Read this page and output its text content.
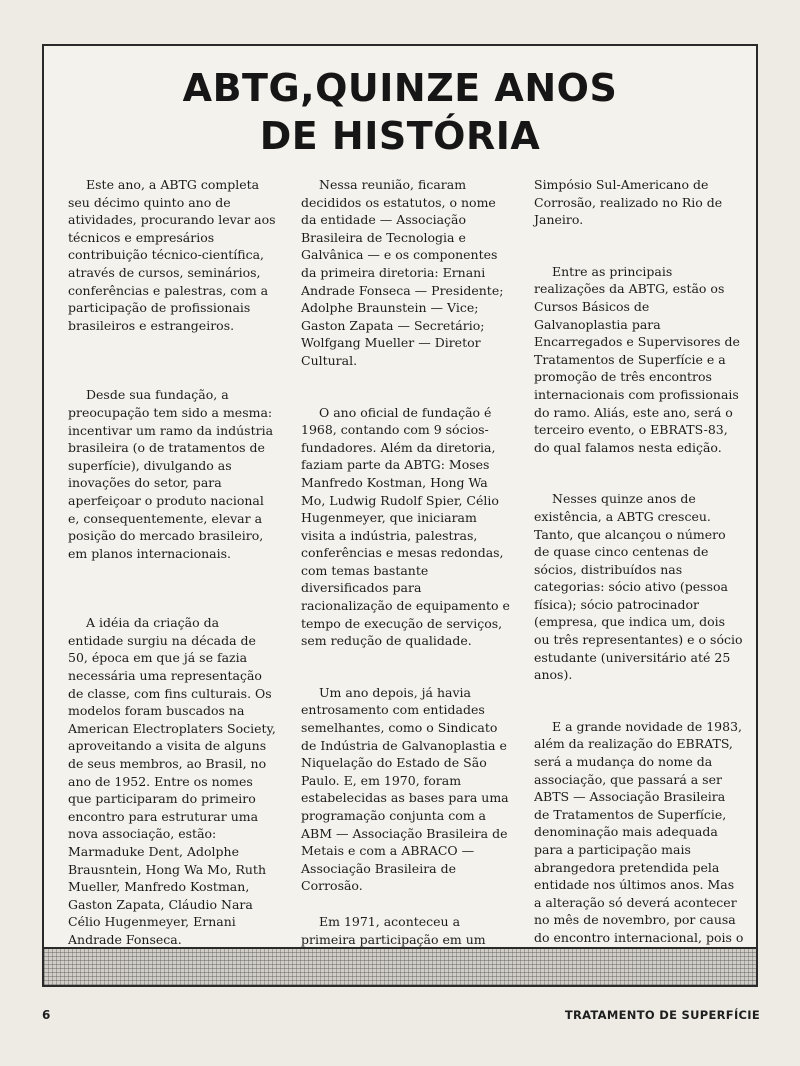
ABTG,QUINZE ANOS
DE HISTÓRIA

Este ano, a ABTG completa seu décimo quinto ano de atividades, procurando levar aos técnicos e empresários contribuição técnico-científica, através de cursos, seminários, conferências e palestras, com a participação de profissionais brasileiros e estrangeiros.

Desde sua fundação, a preocupação tem sido a mesma: incentivar um ramo da indústria brasileira (o de tratamentos de superfície), divulgando as inovações do setor, para aperfeiçoar o produto nacional e, consequentemente, elevar a posição do mercado brasileiro, em planos internacionais.

A idéia da criação da entidade surgiu na década de 50, época em que já se fazia necessária uma representação de classe, com fins culturais. Os modelos foram buscados na American Electroplaters Society, aproveitando a visita de alguns de seus membros, ao Brasil, no ano de 1952. Entre os nomes que participaram do primeiro encontro para estruturar uma nova associação, estão: Marmaduke Dent, Adolphe Brausntein, Hong Wa Mo, Ruth Mueller, Manfredo Kostman, Gaston Zapata, Cláudio Nara Célio Hugenmeyer, Ernani Andrade Fonseca.

Nessa reunião, ficaram decididos os estatutos, o nome da entidade — Associação Brasileira de Tecnologia e Galvânica — e os componentes da primeira diretoria: Ernani Andrade Fonseca — Presidente; Adolphe Braunstein — Vice; Gaston Zapata — Secretário; Wolfgang Mueller — Diretor Cultural.

O ano oficial de fundação é 1968, contando com 9 sócios-fundadores. Além da diretoria, faziam parte da ABTG: Moses Manfredo Kostman, Hong Wa Mo, Ludwig Rudolf Spier, Célio Hugenmeyer, que iniciaram visita a indústria, palestras, conferências e mesas redondas, com temas bastante diversificados para racionalização de equipamento e tempo de execução de serviços, sem redução de qualidade.

Um ano depois, já havia entrosamento com entidades semelhantes, como o Sindicato de Indústria de Galvanoplastia e Niquelação do Estado de São Paulo. E, em 1970, foram estabelecidas as bases para uma programação conjunta com a ABM — Associação Brasileira de Metais e com a ABRACO — Associação Brasileira de Corrosão.

Em 1971, aconteceu a primeira participação em um

Simpósio Sul-Americano de Corrosão, realizado no Rio de Janeiro.

Entre as principais realizações da ABTG, estão os Cursos Básicos de Galvanoplastia para Encarregados e Supervisores de Tratamentos de Superfície e a promoção de três encontros internacionais com profissionais do ramo. Aliás, este ano, será o terceiro evento, o EBRATS-83, do qual falamos nesta edição.

Nesses quinze anos de existência, a ABTG cresceu. Tanto, que alcançou o número de quase cinco centenas de sócios, distribuídos nas categorias: sócio ativo (pessoa física); sócio patrocinador (empresa, que indica um, dois ou três representantes) e o sócio estudante (universitário até 25 anos).

E a grande novidade de 1983, além da realização do EBRATS, será a mudança do nome da associação, que passará a ser ABTS — Associação Brasileira de Tratamentos de Superfície, denominação mais adequada para a participação mais abrangedora pretendida pela entidade nos últimos anos. Mas a alteração só deverá acontecer no mês de novembro, por causa do encontro internacional, pois o

6	TRATAMENTO DE SUPERFÍCIE
